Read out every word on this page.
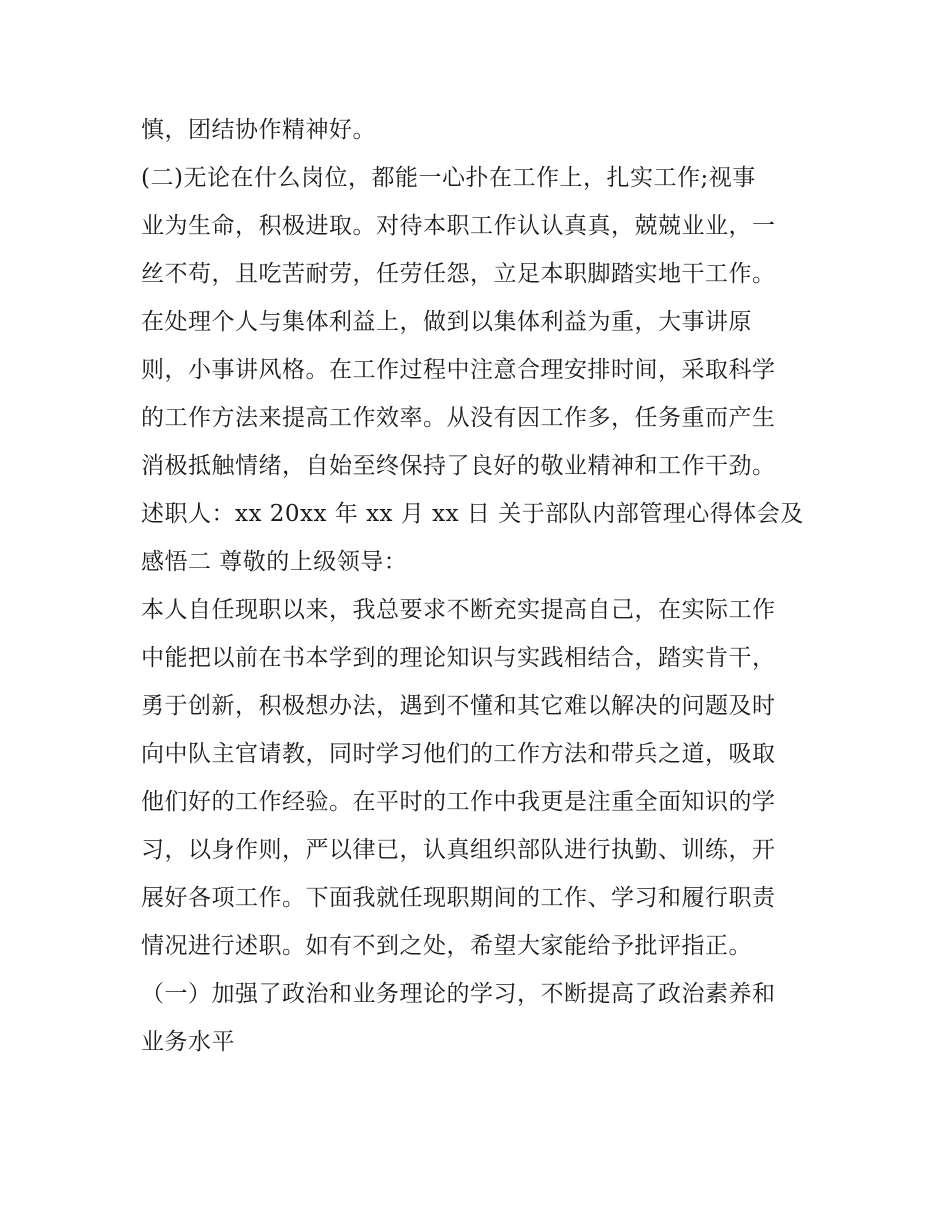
慎，团结协作精神好。
(二)无论在什么岗位，都能一心扑在工作上，扎实工作;视事
业为生命，积极进取。对待本职工作认认真真，兢兢业业，一
丝不苟，且吃苦耐劳，任劳任怨，立足本职脚踏实地干工作。
在处理个人与集体利益上，做到以集体利益为重，大事讲原
则，小事讲风格。在工作过程中注意合理安排时间，采取科学
的工作方法来提高工作效率。从没有因工作多，任务重而产生
消极抵触情绪，自始至终保持了良好的敬业精神和工作干劲。
述职人：xx 20xx 年 xx 月 xx 日 关于部队内部管理心得体会及
感悟二 尊敬的上级领导：
本人自任现职以来，我总要求不断充实提高自己，在实际工作
中能把以前在书本学到的理论知识与实践相结合，踏实肯干，
勇于创新，积极想办法，遇到不懂和其它难以解决的问题及时
向中队主官请教，同时学习他们的工作方法和带兵之道，吸取
他们好的工作经验。在平时的工作中我更是注重全面知识的学
习，以身作则，严以律已，认真组织部队进行执勤、训练，开
展好各项工作。下面我就任现职期间的工作、学习和履行职责
情况进行述职。如有不到之处，希望大家能给予批评指正。
（一）加强了政治和业务理论的学习，不断提高了政治素养和
业务水平
